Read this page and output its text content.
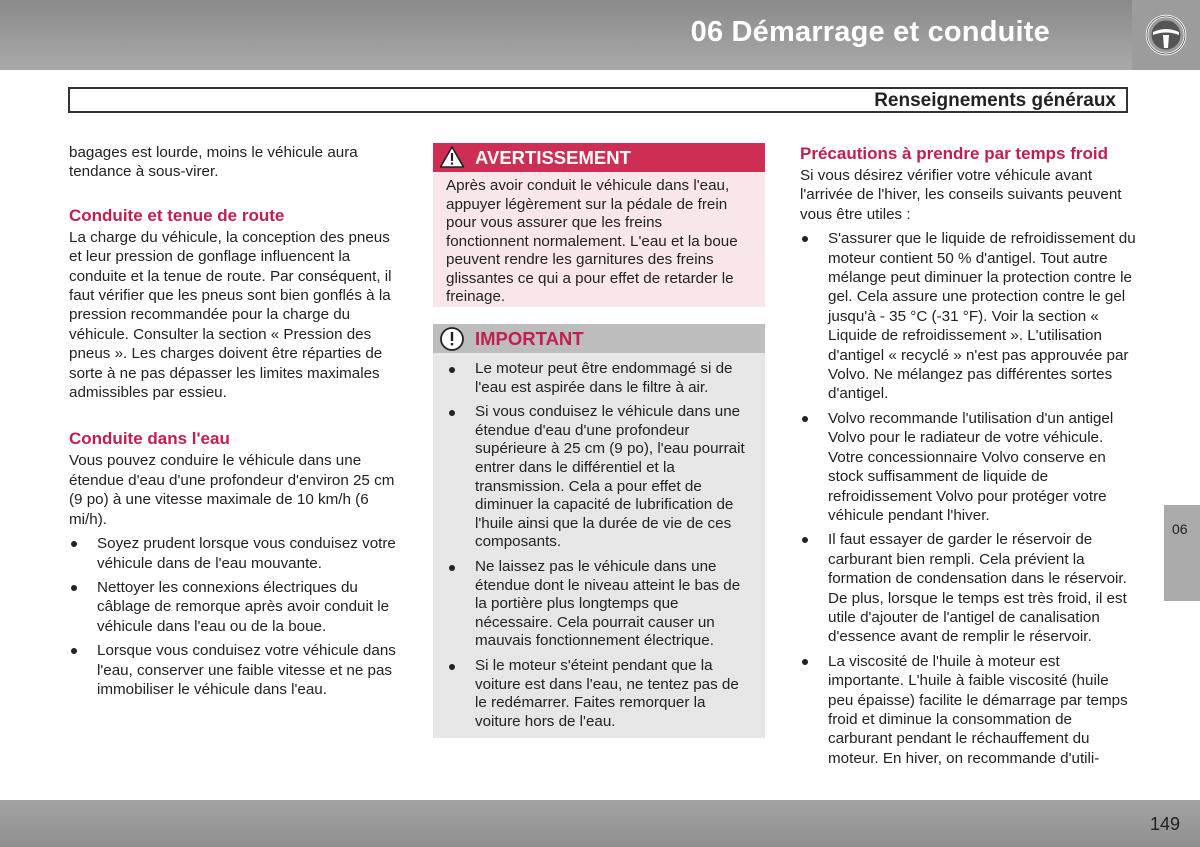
06 Démarrage et conduite
Renseignements généraux

bagages est lourde, moins le véhicule aura tendance à sous-virer.

Conduite et tenue de route

La charge du véhicule, la conception des pneus et leur pression de gonflage influencent la conduite et la tenue de route. Par conséquent, il faut vérifier que les pneus sont bien gonflés à la pression recommandée pour la charge du véhicule. Consulter la section « Pression des pneus ». Les charges doivent être réparties de sorte à ne pas dépasser les limites maximales admissibles par essieu.

Conduite dans l'eau

Vous pouvez conduire le véhicule dans une étendue d'eau d'une profondeur d'environ 25 cm (9 po) à une vitesse maximale de 10 km/h (6 mi/h).

Soyez prudent lorsque vous conduisez votre véhicule dans de l'eau mouvante.
Nettoyer les connexions électriques du câblage de remorque après avoir conduit le véhicule dans l'eau ou de la boue.
Lorsque vous conduisez votre véhicule dans l'eau, conserver une faible vitesse et ne pas immobiliser le véhicule dans l'eau.
AVERTISSEMENT

Après avoir conduit le véhicule dans l'eau, appuyer légèrement sur la pédale de frein pour vous assurer que les freins fonctionnent normalement. L'eau et la boue peuvent rendre les garnitures des freins glissantes ce qui a pour effet de retarder le freinage.

IMPORTANT
Le moteur peut être endommagé si de l'eau est aspirée dans le filtre à air.
Si vous conduisez le véhicule dans une étendue d'eau d'une profondeur supérieure à 25 cm (9 po), l'eau pourrait entrer dans le différentiel et la transmission. Cela a pour effet de diminuer la capacité de lubrification de l'huile ainsi que la durée de vie de ces composants.
Ne laissez pas le véhicule dans une étendue dont le niveau atteint le bas de la portière plus longtemps que nécessaire. Cela pourrait causer un mauvais fonctionnement électrique.
Si le moteur s'éteint pendant que la voiture est dans l'eau, ne tentez pas de le redémarrer. Faites remorquer la voiture hors de l'eau.
Précautions à prendre par temps froid

Si vous désirez vérifier votre véhicule avant l'arrivée de l'hiver, les conseils suivants peuvent vous être utiles :

S'assurer que le liquide de refroidissement du moteur contient 50 % d'antigel. Tout autre mélange peut diminuer la protection contre le gel. Cela assure une protection contre le gel jusqu'à - 35 °C (-31 °F). Voir la section « Liquide de refroidissement ». L'utilisation d'antigel « recyclé » n'est pas approuvée par Volvo. Ne mélangez pas différentes sortes d'antigel.
Volvo recommande l'utilisation d'un antigel Volvo pour le radiateur de votre véhicule. Votre concessionnaire Volvo conserve en stock suffisamment de liquide de refroidissement Volvo pour protéger votre véhicule pendant l'hiver.
Il faut essayer de garder le réservoir de carburant bien rempli. Cela prévient la formation de condensation dans le réservoir. De plus, lorsque le temps est très froid, il est utile d'ajouter de l'antigel de canalisation d'essence avant de remplir le réservoir.
La viscosité de l'huile à moteur est importante. L'huile à faible viscosité (huile peu épaisse) facilite le démarrage par temps froid et diminue la consommation de carburant pendant le réchauffement du moteur. En hiver, on recommande d'utili-
06
149
